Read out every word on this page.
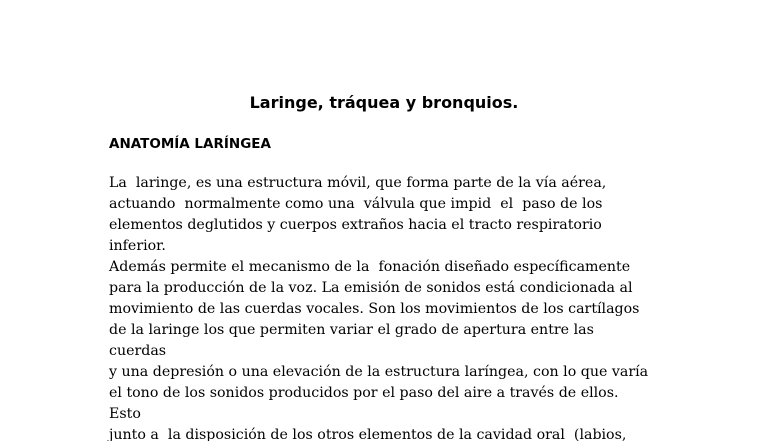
Laringe, tráquea y bronquios.
ANATOMÍA LARÍNGEA
La  laringe, es una estructura móvil, que forma parte de la vía aérea,
actuando  normalmente como una  válvula que impid  el  paso de los
elementos deglutidos y cuerpos extraños hacia el tracto respiratorio
inferior.
Además permite el mecanismo de la  fonación diseñado específicamente
para la producción de la voz. La emisión de sonidos está condicionada al
movimiento de las cuerdas vocales. Son los movimientos de los cartílagos
de la laringe los que permiten variar el grado de apertura entre las
cuerdas
y una depresión o una elevación de la estructura laríngea, con lo que varía
el tono de los sonidos producidos por el paso del aire a través de ellos.
Esto
junto a  la disposición de los otros elementos de la cavidad oral  (labios,
